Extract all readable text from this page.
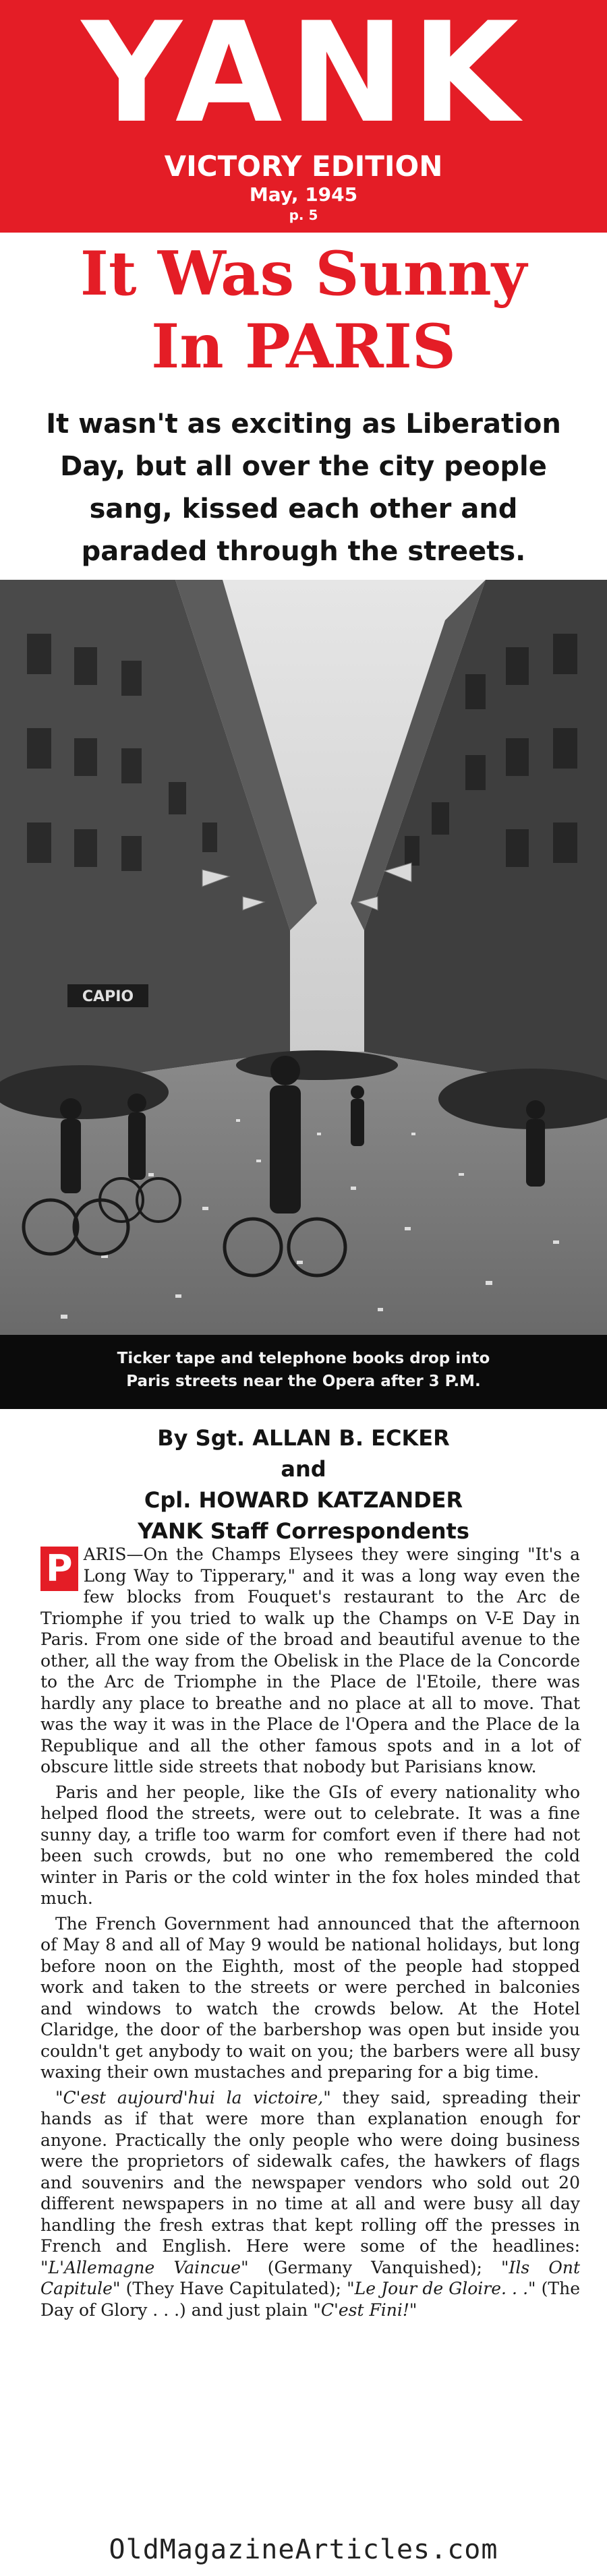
YANK
VICTORY EDITION
May, 1945
p. 5
It Was Sunny
In PARIS
It wasn't as exciting as Liberation Day, but all over the city people sang, kissed each other and paraded through the streets.
CAPIO
Ticker tape and telephone books drop into
Paris streets near the Opera after 3 P.M.
By Sgt. ALLAN B. ECKER
and
Cpl. HOWARD KATZANDER
YANK Staff Correspondents

P ARIS—On the Champs Elysees they were singing "It's a Long Way to Tipperary," and it was a long way even the few blocks from Fouquet's restaurant to the Arc de Triomphe if you tried to walk up the Champs on V-E Day in Paris. From one side of the broad and beautiful avenue to the other, all the way from the Obelisk in the Place de la Concorde to the Arc de Triomphe in the Place de l'Etoile, there was hardly any place to breathe and no place at all to move. That was the way it was in the Place de l'Opera and the Place de la Republique and all the other famous spots and in a lot of obscure little side streets that nobody but Parisians know.

Paris and her people, like the GIs of every nationality who helped flood the streets, were out to celebrate. It was a fine sunny day, a trifle too warm for comfort even if there had not been such crowds, but no one who remembered the cold winter in Paris or the cold winter in the fox holes minded that much.

The French Government had announced that the afternoon of May 8 and all of May 9 would be national holidays, but long before noon on the Eighth, most of the people had stopped work and taken to the streets or were perched in balconies and windows to watch the crowds below. At the Hotel Claridge, the door of the barbershop was open but inside you couldn't get anybody to wait on you; the barbers were all busy waxing their own mustaches and preparing for a big time.

"C'est aujourd'hui la victoire," they said, spreading their hands as if that were more than explanation enough for anyone. Practically the only people who were doing business were the proprietors of sidewalk cafes, the hawkers of flags and souvenirs and the newspaper vendors who sold out 20 different newspapers in no time at all and were busy all day handling the fresh extras that kept rolling off the presses in French and English. Here were some of the headlines: "L'Allemagne Vaincue" (Germany Vanquished); "Ils Ont Capitule" (They Have Capitulated); "Le Jour de Gloire. . ." (The Day of Glory . . .) and just plain "C'est Fini!"

OldMagazineArticles.com
